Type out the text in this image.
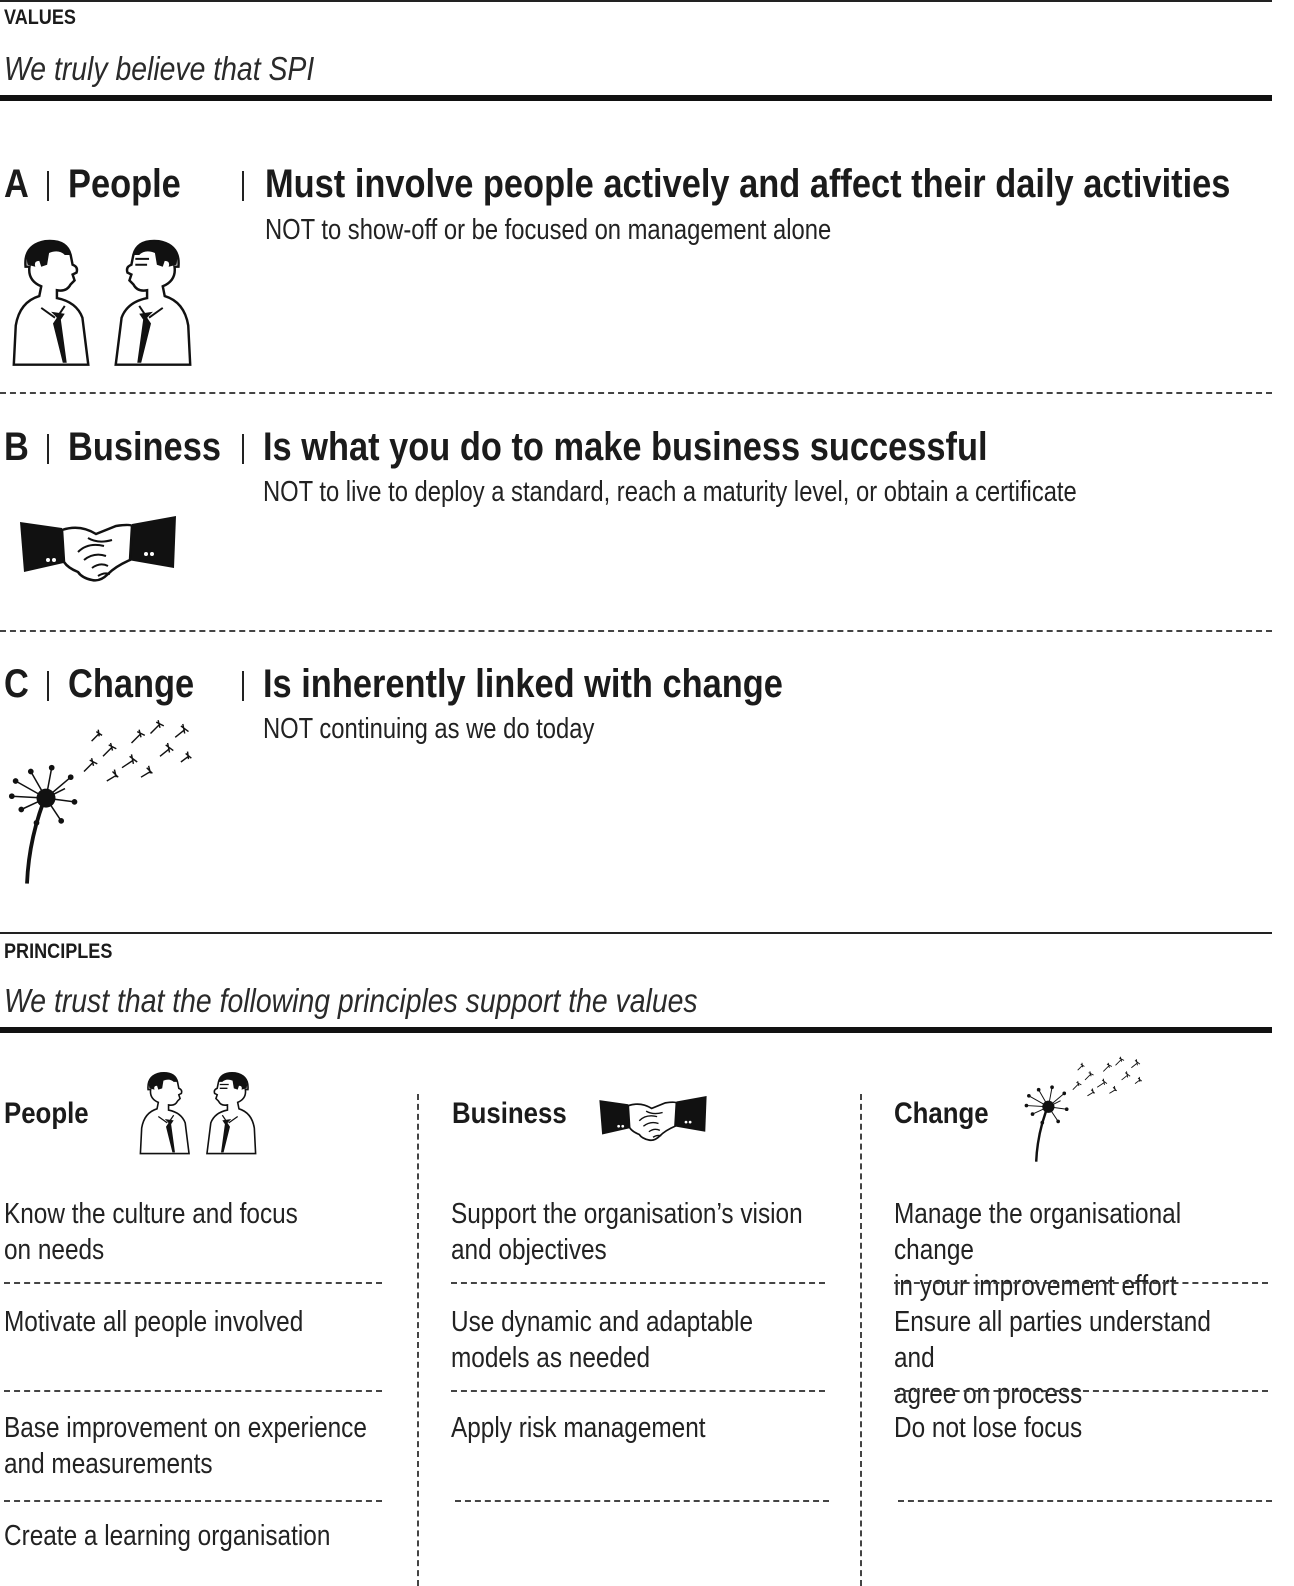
VALUES
We truly believe that SPI
A People Must involve people actively and affect their daily activities
NOT to show-off or be focused on management alone
B Business Is what you do to make business successful
NOT to live to deploy a standard, reach a maturity level, or obtain a certificate
C Change Is inherently linked with change
NOT continuing as we do today
PRINCIPLES
We trust that the following principles support the values
People
Know the culture and focus
on needs
Motivate all people involved
Base improvement on experience
and measurements
Create a learning organisation
Business
Support the organisation’s vision
and objectives
Use dynamic and adaptable
models as needed
Apply risk management
Change
Manage the organisational change
in your improvement effort
Ensure all parties understand and
agree on process
Do not lose focus
